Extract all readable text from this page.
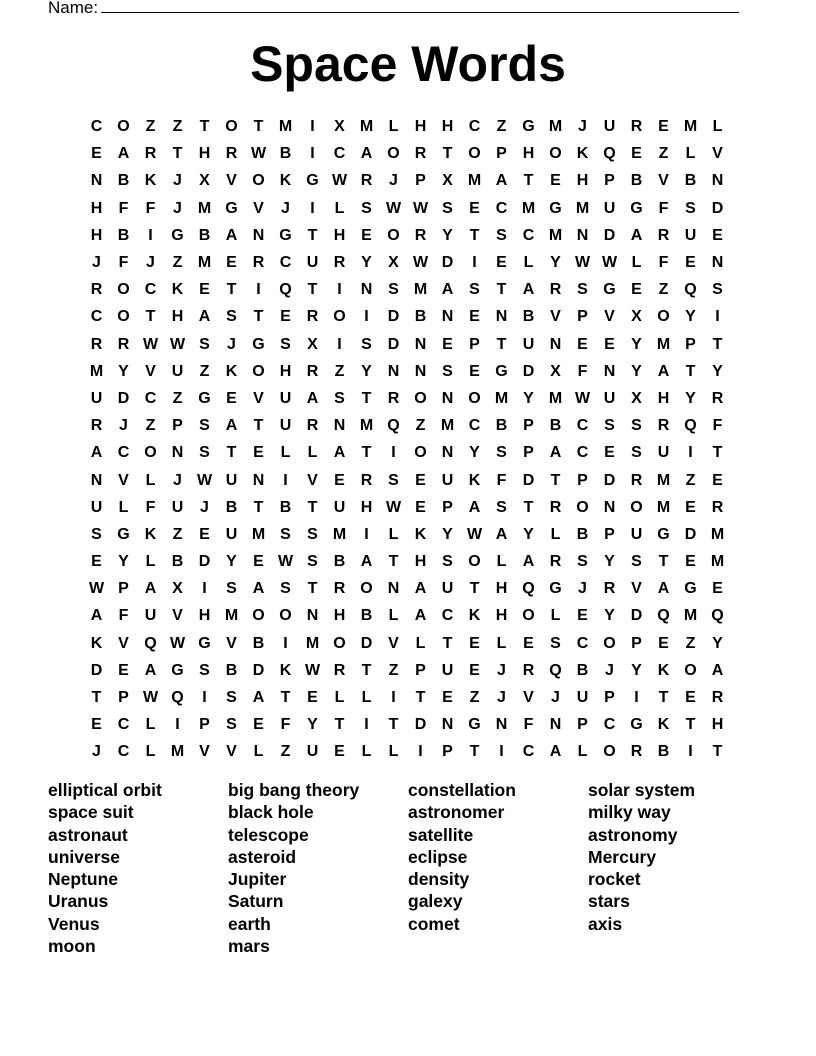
Name:
Space Words
C O Z	Z	T O T M	I	X M L	H H C	Z G M J	U R E M L
E A R	T	H R W B	I	C A O R	T O P H O K Q E	Z	L	V
N B K	J	X	V O K G W R	J	P	X M A	T	E H P B V B N
H	F	F	J M G V	J	I	L	S W W S	E C M G M U G F	S D
H B	I	G B A N G T	H E O R Y	T	S C M N D A R U E
J	F	J	Z M E R C U R Y	X W D	I	E	L	Y W W L	F	E N
R O C K E	T	I	Q T	I	N S M A S	T	A R S G E	Z Q S
C O T	H A S	T	E R O	I	D B N E N B V	P	V	X O Y	I
R R W W S	J	G S	X	I	S D N E	P	T	U N E	E	Y M P	T
M Y	V U	Z	K O H R	Z	Y N N S	E G D X	F	N Y A	T	Y
U D C	Z G E	V U A S	T	R O N O M Y M W U X H Y R
R	J	Z	P	S A	T	U R N M Q Z M C B P B C S	S R Q F
A C O N S	T	E	L	L	A	T	I	O N Y	S	P A C E	S U	I	T
N V	L	J W U N	I	V	E R S	E U K	F	D	T	P D R M Z	E
U	L	F	U	J	B	T	B	T	U H W E	P A S	T	R O N O M E R
S G K	Z	E U M S	S M	I	L	K Y W A Y	L	B P U G D M
E	Y	L	B D Y	E W S B A	T	H S O L	A R S	Y	S	T	E M
W P A X	I	S A S	T	R O N A U	T	H Q G	J	R V A G E
A	F	U V H M O O N H B	L	A C K H O L	E	Y D Q M Q
K V Q W G V B	I	M O D V	L	T	E	L	E	S C O P	E	Z	Y
D E A G S B D K W R	T	Z	P U E	J	R Q B	J	Y K O A
T	P W Q	I	S A	T	E	L	L	I	T	E	Z	J	V	J	U P	I	T	E R
E C	L	I	P	S	E	F	Y	T	I	T	D N G N	F	N P C G K	T	H
J	C	L M V	V	L	Z	U E	L	L	I	P	T	I	C A	L O R B	I	T
elliptical orbit
space suit
astronaut
universe
Neptune
Uranus
Venus
moon
big bang theory
black hole
telescope
asteroid
Jupiter
Saturn
earth
mars
constellation
astronomer
satellite
eclipse
density
galexy
comet
solar system
milky way
astronomy
Mercury
rocket
stars
axis
